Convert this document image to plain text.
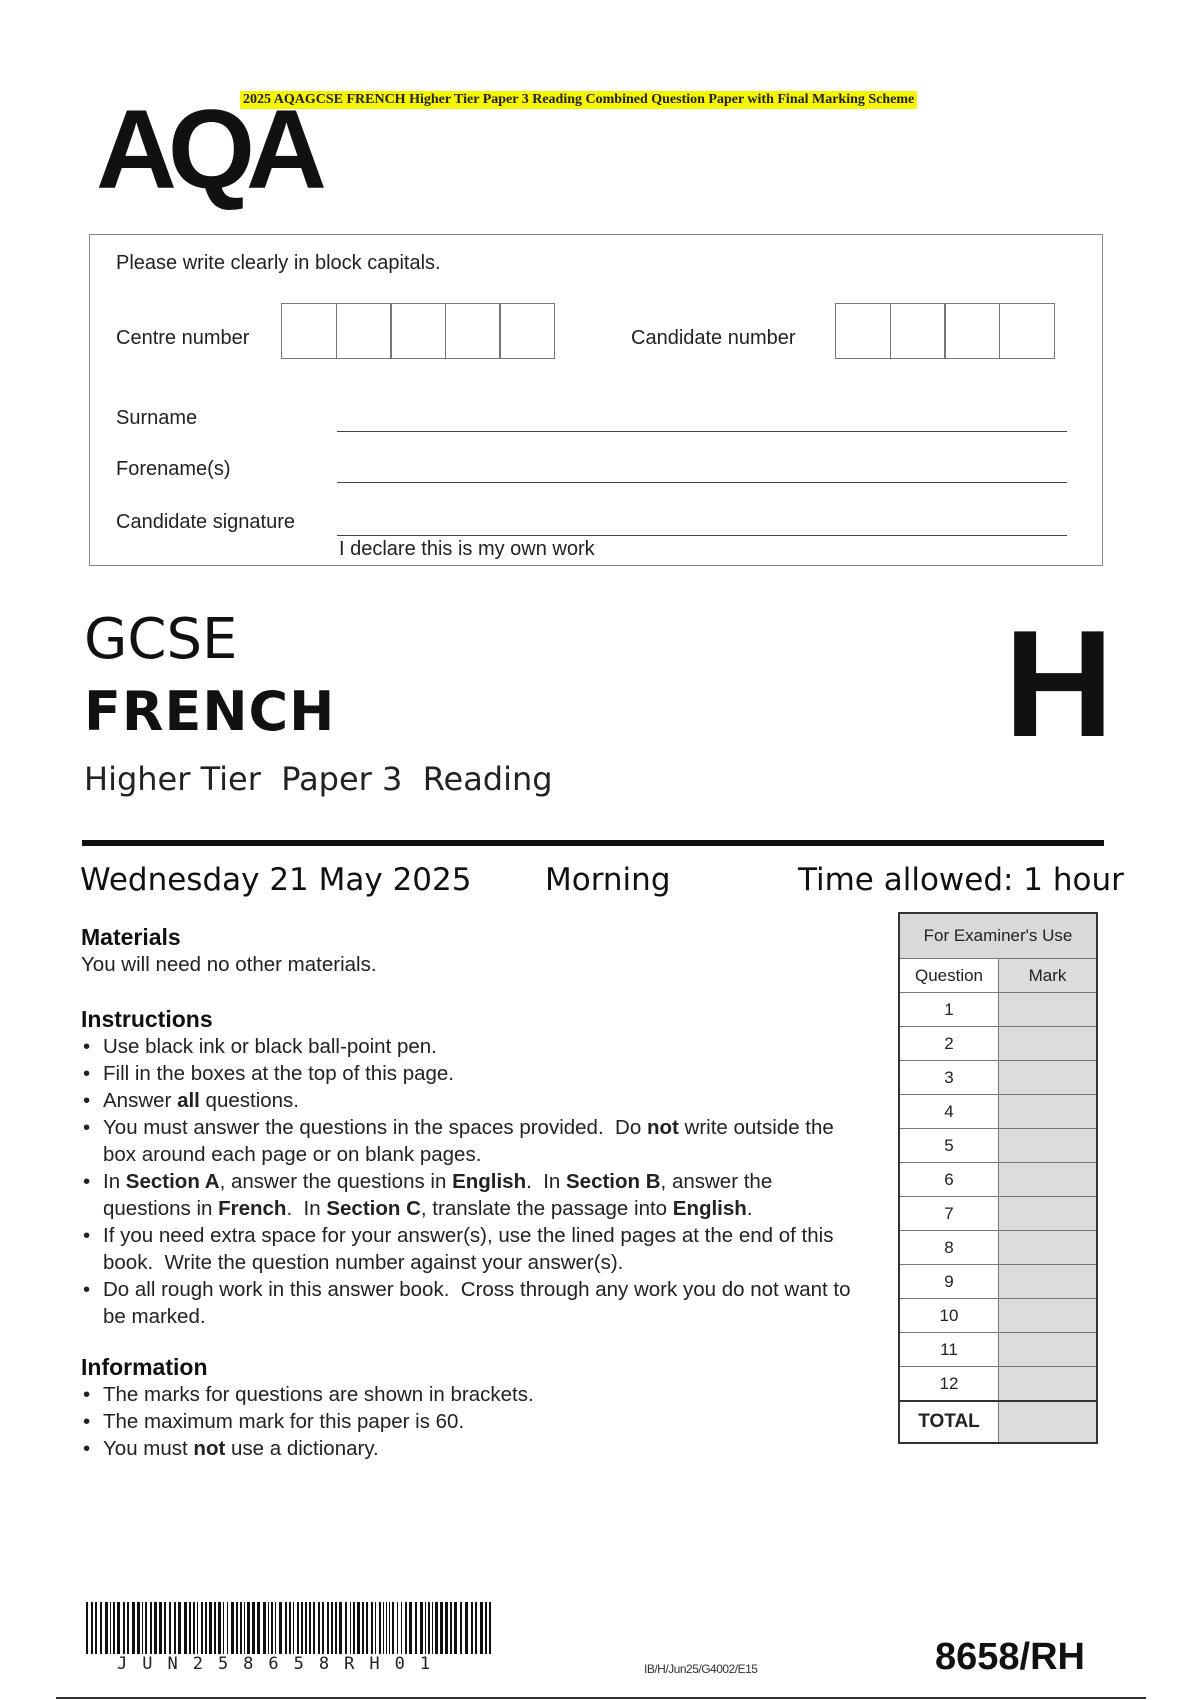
2025 AQAGCSE FRENCH Higher Tier Paper 3 Reading Combined Question Paper with Final Marking Scheme
AQA
Please write clearly in block capitals.
Centre number	Candidate number
Surname
Forename(s)
Candidate signature
I declare this is my own work
GCSE
FRENCH
Higher Tier  Paper 3  Reading
H
Wednesday 21 May 2025 Morning	Time allowed: 1 hour
Materials
You will need no other materials.
Instructions
• Use black ink or black ball-point pen.
• Fill in the boxes at the top of this page.
• Answer all questions.
• You must answer the questions in the spaces provided.  Do not write outside the box around each page or on blank pages.
• In Section A, answer the questions in English.  In Section B, answer the questions in French.  In Section C, translate the passage into English.
• If you need extra space for your answer(s), use the lined pages at the end of this book.  Write the question number against your answer(s).
• Do all rough work in this answer book.  Cross through any work you do not want to be marked.
Information
• The marks for questions are shown in brackets.
• The maximum mark for this paper is 60.
• You must not use a dictionary.
For Examiner's Use	
Question	Mark
1	
2	
3	
4	
5	
6	
7	
8	
9	
10	
11	
12	
TOTAL	
JUN258658RH01	IB/H/Jun25/G4002/E15	8658/RH
